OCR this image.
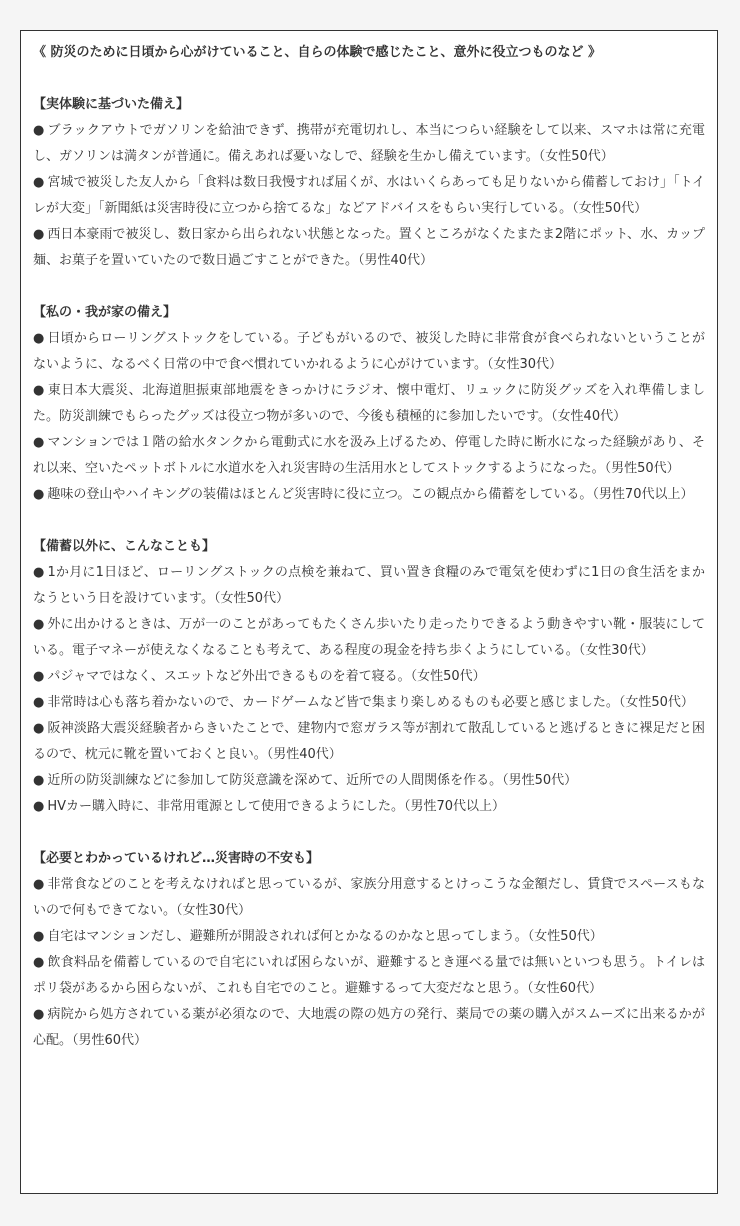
《 防災のために日頃から心がけていること、自らの体験で感じたこと、意外に役立つものなど 》

【実体験に基づいた備え】

● ブラックアウトでガソリンを給油できず、携帯が充電切れし、本当につらい経験をして以来、スマホは常に充電し、ガソリンは満タンが普通に。備えあれば憂いなしで、経験を生かし備えています。（女性50代）

● 宮城で被災した友人から「食料は数日我慢すれば届くが、水はいくらあっても足りないから備蓄しておけ」「トイレが大変」「新聞紙は災害時役に立つから捨てるな」などアドバイスをもらい実行している。（女性50代）

● 西日本豪雨で被災し、数日家から出られない状態となった。置くところがなくたまたま2階にポット、水、カップ麺、お菓子を置いていたので数日過ごすことができた。（男性40代）

【私の・我が家の備え】

● 日頃からローリングストックをしている。子どもがいるので、被災した時に非常食が食べられないということがないように、なるべく日常の中で食べ慣れていかれるように心がけています。（女性30代）

● 東日本大震災、北海道胆振東部地震をきっかけにラジオ、懐中電灯、リュックに防災グッズを入れ準備しました。防災訓練でもらったグッズは役立つ物が多いので、今後も積極的に参加したいです。（女性40代）

● マンションでは１階の給水タンクから電動式に水を汲み上げるため、停電した時に断水になった経験があり、それ以来、空いたペットボトルに水道水を入れ災害時の生活用水としてストックするようになった。（男性50代）

● 趣味の登山やハイキングの装備はほとんど災害時に役に立つ。この観点から備蓄をしている。（男性70代以上）

【備蓄以外に、こんなことも】

● 1か月に1日ほど、ローリングストックの点検を兼ねて、買い置き食糧のみで電気を使わずに1日の食生活をまかなうという日を設けています。（女性50代）

● 外に出かけるときは、万が一のことがあってもたくさん歩いたり走ったりできるよう動きやすい靴・服装にしている。電子マネーが使えなくなることも考えて、ある程度の現金を持ち歩くようにしている。（女性30代）

● パジャマではなく、スエットなど外出できるものを着て寝る。（女性50代）

● 非常時は心も落ち着かないので、カードゲームなど皆で集まり楽しめるものも必要と感じました。（女性50代）

● 阪神淡路大震災経験者からきいたことで、建物内で窓ガラス等が割れて散乱していると逃げるときに裸足だと困るので、枕元に靴を置いておくと良い。（男性40代）

● 近所の防災訓練などに参加して防災意識を深めて、近所での人間関係を作る。（男性50代）

● HVカー購入時に、非常用電源として使用できるようにした。（男性70代以上）

【必要とわかっているけれど…災害時の不安も】

● 非常食などのことを考えなければと思っているが、家族分用意するとけっこうな金額だし、賃貸でスペースもないので何もできてない。（女性30代）

● 自宅はマンションだし、避難所が開設されれば何とかなるのかなと思ってしまう。（女性50代）

● 飲食料品を備蓄しているので自宅にいれば困らないが、避難するとき運べる量では無いといつも思う。トイレはポリ袋があるから困らないが、これも自宅でのこと。避難するって大変だなと思う。（女性60代）

● 病院から処方されている薬が必須なので、大地震の際の処方の発行、薬局での薬の購入がスムーズに出来るかが心配。（男性60代）
